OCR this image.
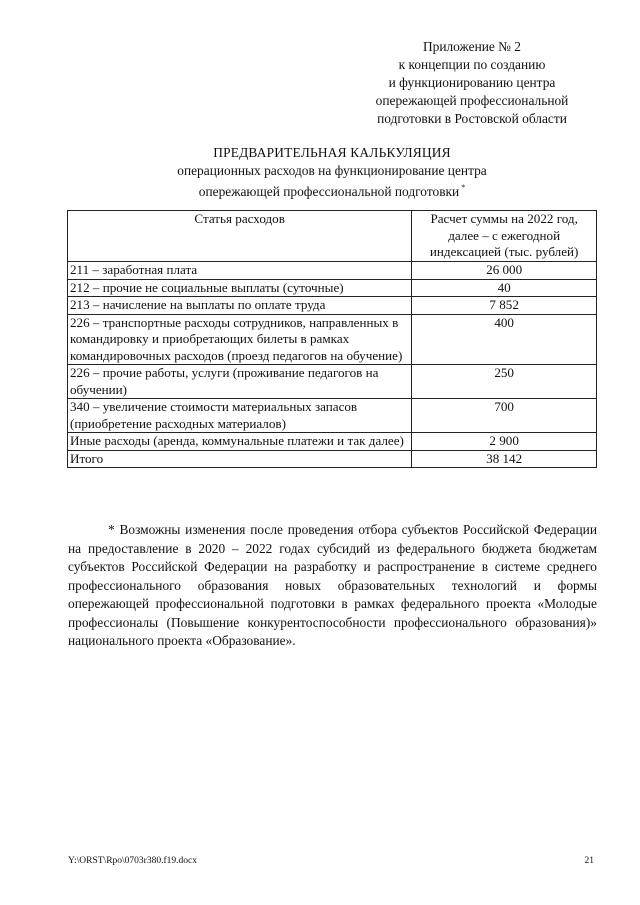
Приложение № 2
к концепции по созданию
и функционированию центра
опережающей профессиональной
подготовки в Ростовской области
ПРЕДВАРИТЕЛЬНАЯ КАЛЬКУЛЯЦИЯ
операционных расходов на функционирование центра
опережающей профессиональной подготовки *
Статья расходов	Расчет суммы на 2022 год,
далее – с ежегодной
индексацией (тыс. рублей)

211 – заработная плата	26 000
212 – прочие не социальные выплаты (суточные)	40
213 – начисление на выплаты по оплате труда	7 852
226 – транспортные расходы сотрудников, направленных в командировку и приобретающих билеты в рамках командировочных расходов (проезд педагогов на обучение)	400
226 – прочие работы, услуги (проживание педагогов на обучении)	250
340 – увеличение стоимости материальных запасов (приобретение расходных материалов)	700
Иные расходы (аренда, коммунальные платежи и так далее)	2 900
Итого	38 142
* Возможны изменения после проведения отбора субъектов Российской Федерации на предоставление в 2020 – 2022 годах субсидий из федерального бюджета бюджетам субъектов Российской Федерации на разработку и распространение в системе среднего профессионального образования новых образовательных технологий и формы опережающей профессиональной подготовки в рамках федерального проекта «Молодые профессионалы (Повышение конкурентоспособности профессионального образования)» национального проекта «Образование».
Y:\ORST\Rpo\0703r380.f19.docx	21
